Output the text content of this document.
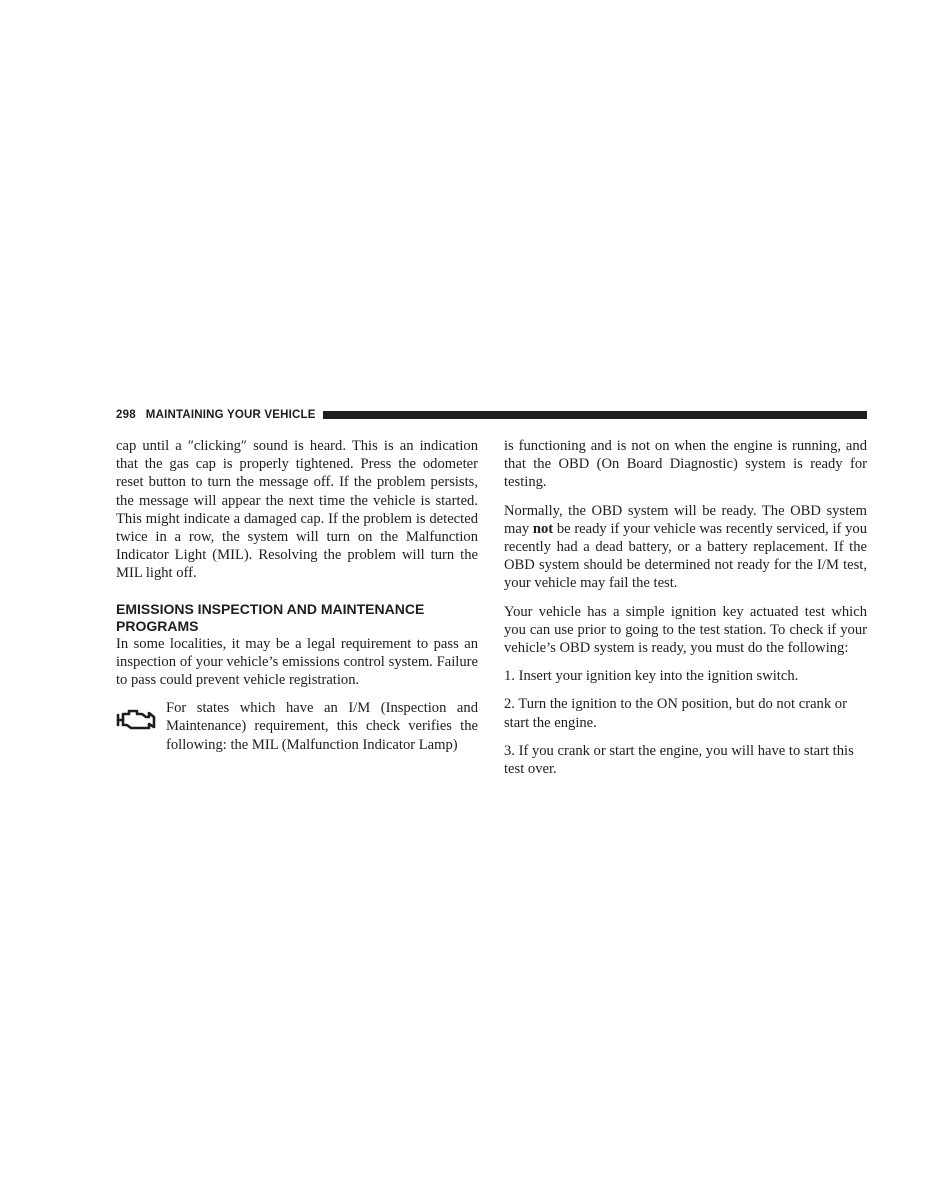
298 MAINTAINING YOUR VEHICLE

cap until a ″clicking″ sound is heard. This is an indication that the gas cap is properly tightened. Press the odometer reset button to turn the message off. If the problem persists, the message will appear the next time the vehicle is started. This might indicate a damaged cap. If the problem is detected twice in a row, the system will turn on the Malfunction Indicator Light (MIL). Resolving the problem will turn the MIL light off.

EMISSIONS INSPECTION AND MAINTENANCE PROGRAMS

In some localities, it may be a legal requirement to pass an inspection of your vehicle’s emissions control system. Failure to pass could prevent vehicle registration.

For states which have an I/M (Inspection and Maintenance) requirement, this check verifies the following: the MIL (Malfunction Indicator Lamp)

is functioning and is not on when the engine is running, and that the OBD (On Board Diagnostic) system is ready for testing.

Normally, the OBD system will be ready. The OBD system may not be ready if your vehicle was recently serviced, if you recently had a dead battery, or a battery replacement. If the OBD system should be determined not ready for the I/M test, your vehicle may fail the test.

Your vehicle has a simple ignition key actuated test which you can use prior to going to the test station. To check if your vehicle’s OBD system is ready, you must do the following:

1. Insert your ignition key into the ignition switch.

2. Turn the ignition to the ON position, but do not crank or start the engine.

3. If you crank or start the engine, you will have to start this test over.
